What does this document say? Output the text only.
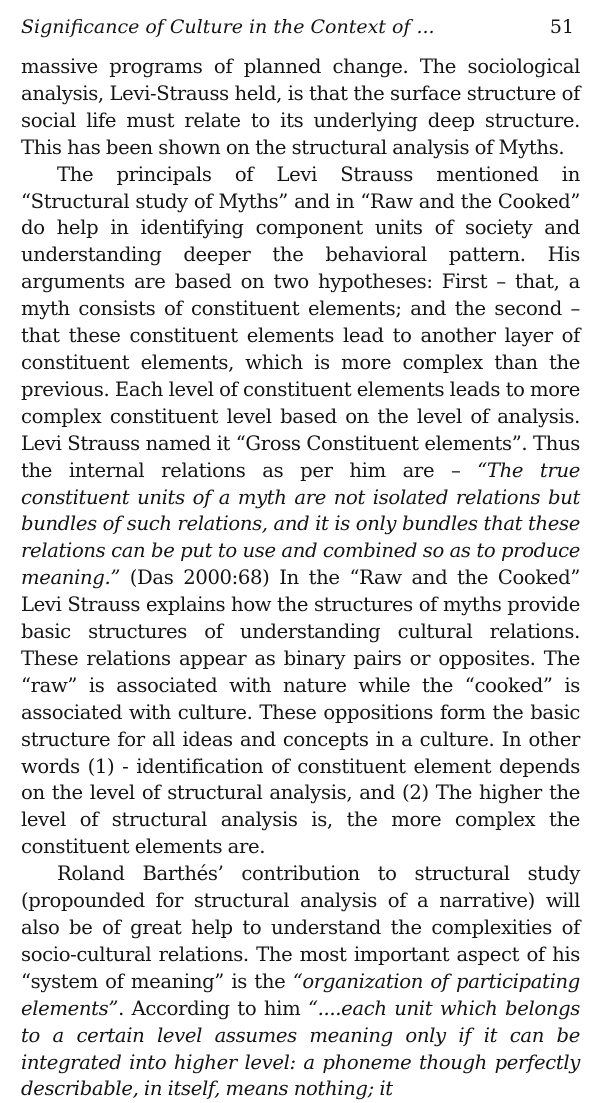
Significance of Culture in the Context of ...	51

massive programs of planned change. The sociological analysis, Levi-Strauss held, is that the surface structure of social life must relate to its underlying deep structure. This has been shown on the structural analysis of Myths.

The principals of Levi Strauss mentioned in “Structural study of Myths” and in “Raw and the Cooked” do help in identifying component units of society and understanding deeper the behavioral pattern. His arguments are based on two hypotheses: First – that, a myth consists of constituent elements; and the second – that these constituent elements lead to another layer of constituent elements, which is more complex than the previous. Each level of constituent elements leads to more complex constituent level based on the level of analysis. Levi Strauss named it “Gross Constituent elements”. Thus the internal relations as per him are – “The true constituent units of a myth are not isolated relations but bundles of such relations, and it is only bundles that these relations can be put to use and combined so as to produce meaning.” (Das 2000:68) In the “Raw and the Cooked” Levi Strauss explains how the structures of myths provide basic structures of understanding cultural relations. These relations appear as binary pairs or opposites. The “raw” is associated with nature while the “cooked” is associated with culture. These oppositions form the basic structure for all ideas and concepts in a culture. In other words (1) - identification of constituent element depends on the level of structural analysis, and (2) The higher the level of structural analysis is, the more complex the constituent elements are.

Roland Barthés’ contribution to structural study (propounded for structural analysis of a narrative) will also be of great help to understand the complexities of socio-cultural relations. The most important aspect of his “system of meaning” is the “organization of participating elements”. According to him “....each unit which belongs to a certain level assumes meaning only if it can be integrated into higher level: a phoneme though perfectly describable, in itself, means nothing; it
